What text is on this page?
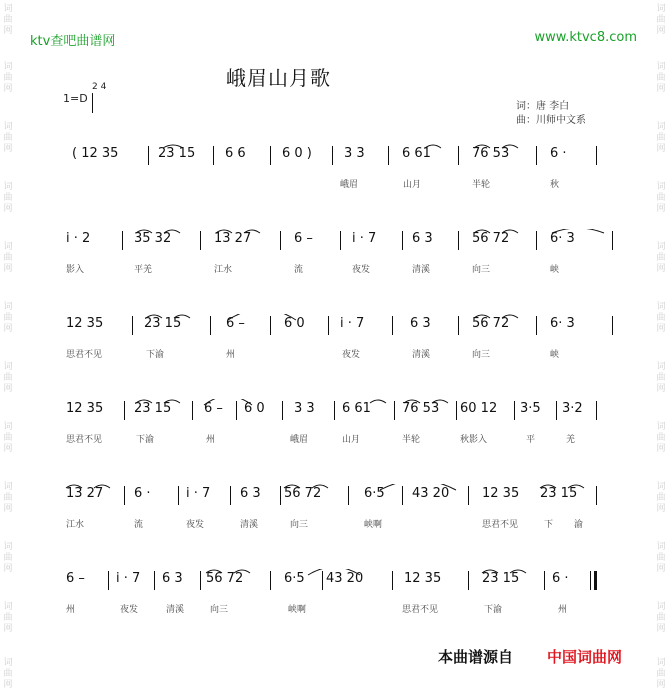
词曲网
词曲网
词曲网
词曲网
词曲网
词曲网
词曲网
词曲网
词曲网
词曲网
词曲网
词曲网
词曲网
词曲网
词曲网
词曲网
词曲网
词曲网
词曲网
词曲网
词曲网
词曲网
词曲网
词曲网
ktv查吧曲谱网	www.ktvc8.com
峨眉山月歌
1=D
2 4
词：唐 李白
曲：川师中文系
( 12 35	23 15 6 6	6 0 ) 3 3	6 61	76 53	6 ·
峨眉	山月	半轮	秋
i · 2	35 32	13 27	6 –	i · 7	6 3	56 72	6· 3
影入	平羌	江水	流	夜发	清溪	向三	峡
12 35	23 15	6 –	6 0	i · 7	6 3	56 72	6· 3
思君不见	下渝	州	夜发	清溪	向三	峡
12 35 23 15	6 – 6 0 3 3 6 61 76 53 60 12 3·5 3·2
思君不见	下渝	州	峨眉	山月	半轮	秋影入	平	羌
13 27 6 ·	i · 7 6 3 56 72	6·5 43 20	12 35 23 15
江水	流	夜发	清溪	向三	峡啊	思君不见	下 渝
6 – i · 7 6 3 56 72	6·5 43 20	12 35	23 15	6 ·
州	夜发	清溪	向三	峡啊	思君不见	下渝	州
本曲谱源自 中国词曲网
